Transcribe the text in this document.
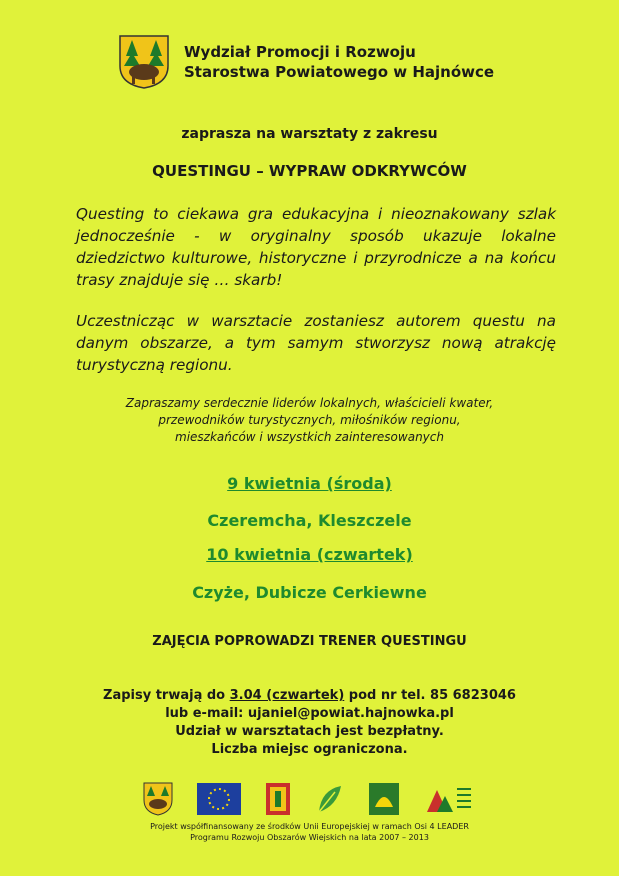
Wydział Promocji i Rozwoju
Starostwa Powiatowego w Hajnówce
zaprasza na warsztaty z zakresu
QUESTINGU – WYPRAW ODKRYWCÓW
Questing to ciekawa gra edukacyjna i nieoznakowany szlak jednocześnie - w oryginalny sposób ukazuje lokalne dziedzictwo kulturowe, historyczne i przyrodnicze a na końcu trasy znajduje się … skarb!
Uczestnicząc w warsztacie zostaniesz autorem questu na danym obszarze, a tym samym stworzysz nową atrakcję turystyczną regionu.
Zapraszamy serdecznie liderów lokalnych, właścicieli kwater,
przewodników turystycznych, miłośników regionu,
mieszkańców i wszystkich zainteresowanych
9 kwietnia (środa)
Czeremcha, Kleszczele
10 kwietnia (czwartek)
Czyże, Dubicze Cerkiewne
ZAJĘCIA POPROWADZI TRENER QUESTINGU
Zapisy trwają do 3.04 (czwartek) pod nr tel. 85 6823046
lub e-mail: ujaniel@powiat.hajnowka.pl
Udział w warsztatach jest bezpłatny.
Liczba miejsc ograniczona.
Projekt współfinansowany ze środków Unii Europejskiej w ramach Osi 4 LEADER
Programu Rozwoju Obszarów Wiejskich na lata 2007 – 2013
